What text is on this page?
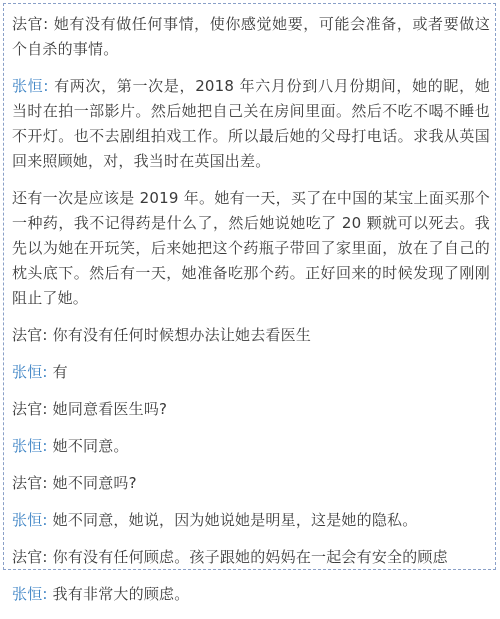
法官: 她有没有做任何事情，使你感觉她要，可能会准备，或者要做这个自杀的事情。

张恒: 有两次，第一次是，2018 年六月份到八月份期间，她的眤，她当时在拍一部影片。然后她把自己关在房间里面。然后不吃不喝不睡也不开灯。也不去剧组拍戏工作。所以最后她的父母打电话。求我从英国回来照顾她，对，我当时在英国出差。

还有一次是应该是 2019 年。她有一天，买了在中国的某宝上面买那个一种药，我不记得药是什么了，然后她说她吃了 20 颗就可以死去。我先以为她在开玩笑，后来她把这个药瓶子带回了家里面，放在了自己的枕头底下。然后有一天，她准备吃那个药。正好回来的时候发现了刚刚阻止了她。

法官: 你有没有任何时候想办法让她去看医生

张恒: 有

法官: 她同意看医生吗?

张恒: 她不同意。

法官: 她不同意吗?

张恒: 她不同意，她说，因为她说她是明星，这是她的隐私。

法官: 你有没有任何顾虑。孩子跟她的妈妈在一起会有安全的顾虑

张恒: 我有非常大的顾虑。
